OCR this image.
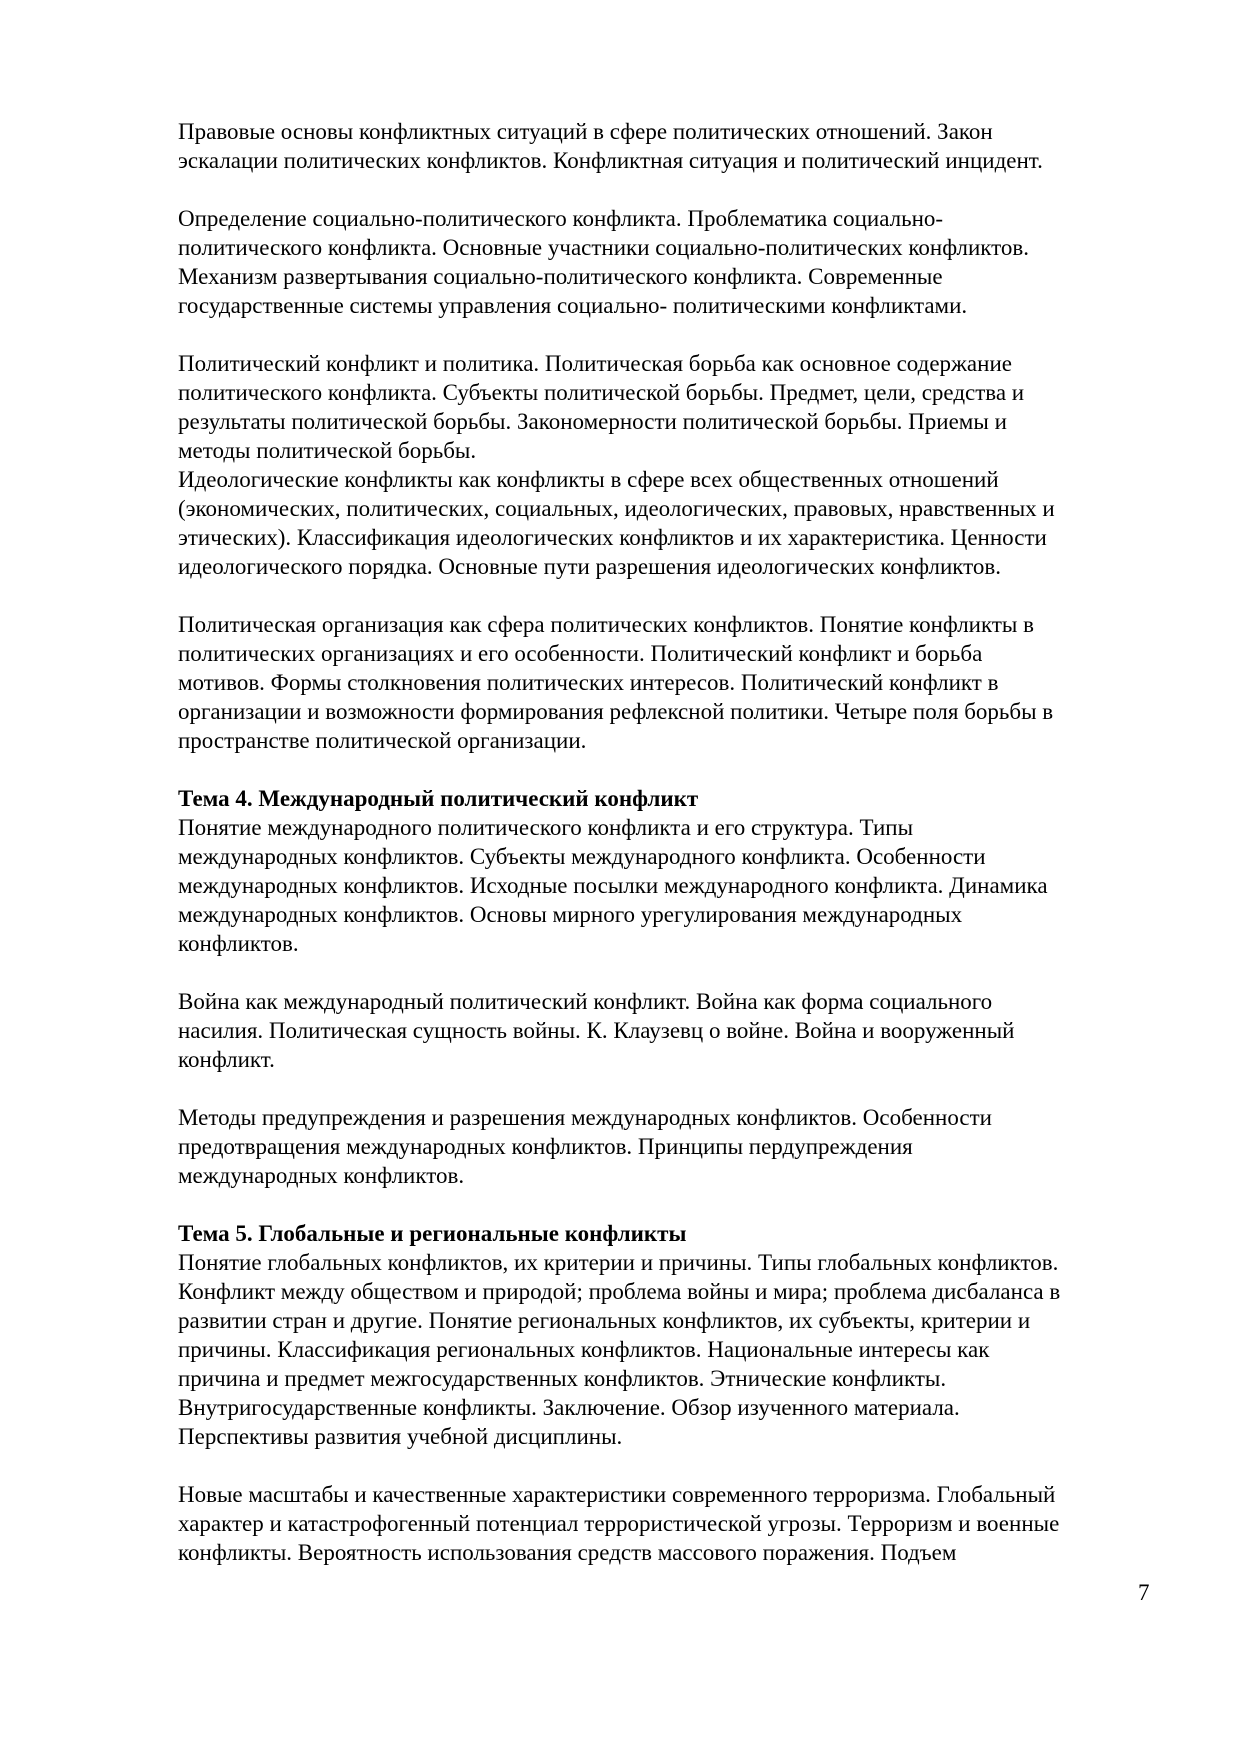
Правовые основы конфликтных ситуаций в сфере политических отношений. Закон
эскалации политических конфликтов. Конфликтная ситуация и политический инцидент.
Определение социально-политического конфликта. Проблематика социально-
политического конфликта. Основные участники социально-политических конфликтов.
Механизм развертывания социально-политического конфликта. Современные
государственные системы управления социально- политическими конфликтами.
Политический конфликт и политика. Политическая борьба как основное содержание
политического конфликта. Субъекты политической борьбы. Предмет, цели, средства и
результаты политической борьбы. Закономерности политической борьбы. Приемы и
методы политической борьбы.
Идеологические конфликты как конфликты в сфере всех общественных отношений
(экономических, политических, социальных, идеологических, правовых, нравственных и
этических). Классификация идеологических конфликтов и их характеристика. Ценности
идеологического порядка. Основные пути разрешения идеологических конфликтов.
Политическая организация как сфера политических конфликтов. Понятие конфликты в
политических организациях и его особенности. Политический конфликт и борьба
мотивов. Формы столкновения политических интересов. Политический конфликт в
организации и возможности формирования рефлексной политики. Четыре поля борьбы в
пространстве политической организации.
Тема 4. Международный политический конфликт
Понятие международного политического конфликта и его структура. Типы
международных конфликтов. Субъекты международного конфликта. Особенности
международных конфликтов. Исходные посылки международного конфликта. Динамика
международных конфликтов. Основы мирного урегулирования международных
конфликтов.
Война как международный политический конфликт. Война как форма социального
насилия. Политическая сущность войны. К. Клаузевц о войне. Война и вооруженный
конфликт.
Методы предупреждения и разрешения международных конфликтов. Особенности
предотвращения международных конфликтов. Принципы пердупреждения
международных конфликтов.
Тема 5. Глобальные и региональные конфликты
Понятие глобальных конфликтов, их критерии и причины. Типы глобальных конфликтов.
Конфликт между обществом и природой; проблема войны и мира; проблема дисбаланса в
развитии стран и другие. Понятие региональных конфликтов, их субъекты, критерии и
причины. Классификация региональных конфликтов. Национальные интересы как
причина и предмет межгосударственных конфликтов. Этнические конфликты.
Внутригосударственные конфликты. Заключение. Обзор изученного материала.
Перспективы развития учебной дисциплины.
Новые масштабы и качественные характеристики современного терроризма. Глобальный
характер и катастрофогенный потенциал террористической угрозы. Терроризм и военные
конфликты. Вероятность использования средств массового поражения. Подъем
7
